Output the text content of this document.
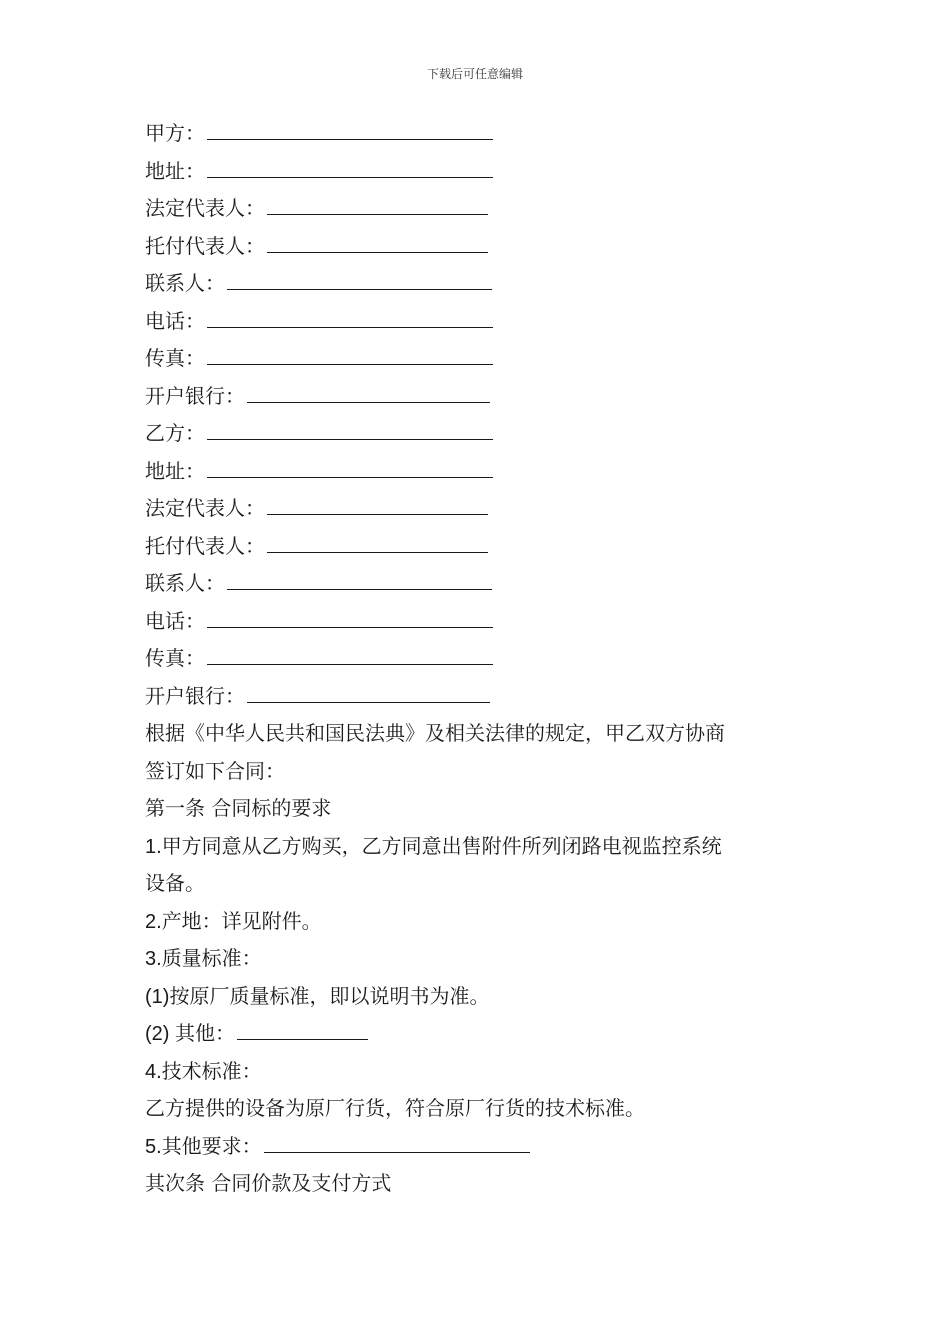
下载后可任意编辑
甲方：
地址：
法定代表人：
托付代表人：
联系人：
电话：
传真：
开户银行：
乙方：
地址：
法定代表人：
托付代表人：
联系人：
电话：
传真：
开户银行：
根据《中华人民共和国民法典》及相关法律的规定，甲乙双方协商
签订如下合同：
第一条 合同标的要求
1.甲方同意从乙方购买，乙方同意出售附件所列闭路电视监控系统
设备。
2.产地：详见附件。
3.质量标准：
(1)按原厂质量标准，即以说明书为准。
(2) 其他：
4.技术标准：
乙方提供的设备为原厂行货，符合原厂行货的技术标准。
5.其他要求：
其次条 合同价款及支付方式
